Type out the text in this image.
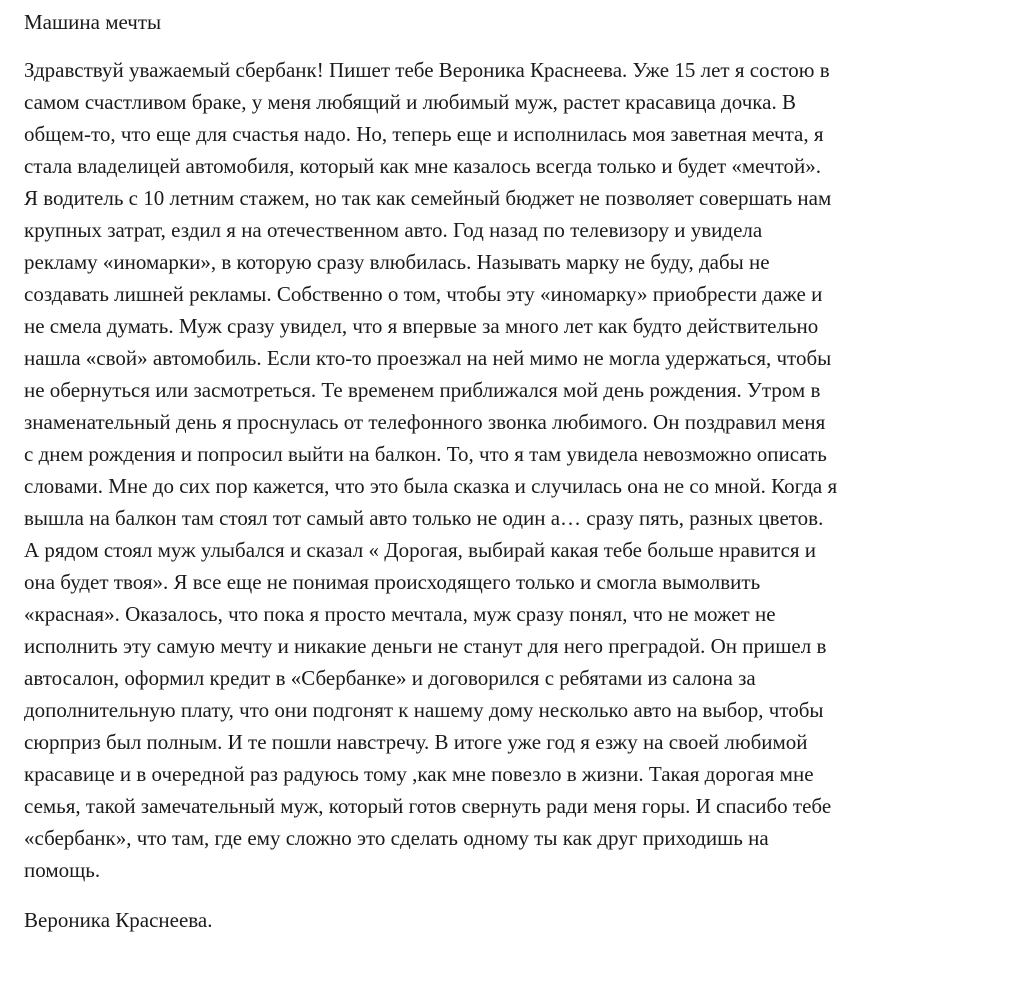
Машина мечты
Здравствуй уважаемый сбербанк! Пишет тебе Вероника Краснеева. Уже 15 лет я состою в
самом счастливом браке, у меня любящий и любимый муж, растет красавица дочка. В
общем-то, что еще для счастья надо. Но, теперь еще и исполнилась моя заветная мечта, я
стала владелицей автомобиля, который как мне казалось всегда только и будет «мечтой».
Я водитель с 10 летним стажем, но так как семейный бюджет не позволяет совершать нам
крупных затрат, ездил я на отечественном авто. Год назад по телевизору и увидела
рекламу «иномарки», в которую сразу влюбилась. Называть марку не буду, дабы не
создавать лишней рекламы. Собственно о том, чтобы эту «иномарку» приобрести даже и
не смела думать. Муж сразу увидел, что я впервые за много лет как будто действительно
нашла «свой» автомобиль. Если кто-то проезжал на ней мимо не могла удержаться, чтобы
не обернуться или засмотреться. Те временем приближался мой день рождения. Утром в
знаменательный день я проснулась от телефонного звонка любимого. Он поздравил меня
с днем рождения и попросил выйти на балкон. То, что я там увидела невозможно описать
словами. Мне до сих пор кажется, что это была сказка и случилась она не со мной. Когда я
вышла на балкон там стоял тот самый авто только не один а… сразу пять, разных цветов.
А рядом стоял муж улыбался и сказал « Дорогая, выбирай какая тебе больше нравится и
она будет твоя». Я все еще не понимая происходящего только и смогла вымолвить
«красная». Оказалось, что пока я просто мечтала, муж сразу понял, что не может не
исполнить эту самую мечту и никакие деньги не станут для него преградой. Он пришел в
автосалон, оформил кредит в «Сбербанке» и договорился с ребятами из салона за
дополнительную плату, что они подгонят к нашему дому несколько авто на выбор, чтобы
сюрприз был полным. И те пошли навстречу. В итоге уже год я езжу на своей любимой
красавице и в очередной раз радуюсь тому ,как мне повезло в жизни. Такая дорогая мне
семья, такой замечательный муж, который готов свернуть ради меня горы. И спасибо тебе
«сбербанк», что там, где ему сложно это сделать одному ты как друг приходишь на
помощь.
Вероника Краснеева.
